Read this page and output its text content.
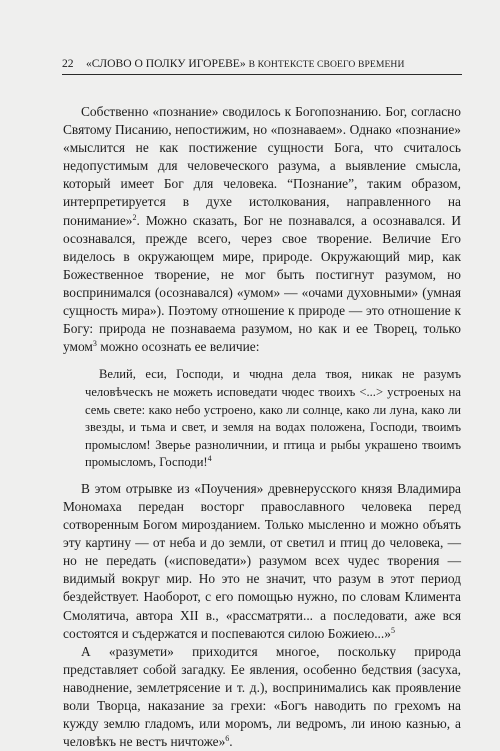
22 «СЛОВО О ПОЛКУ ИГОРЕВЕ» В КОНТЕКСТЕ СВОЕГО ВРЕМЕНИ

Собственно «познание» сводилось к Богопознанию. Бог, согласно Святому Писанию, непостижим, но «познаваем». Однако «познание» «мыслится не как постижение сущности Бога, что считалось недопустимым для человеческого разума, а выявление смысла, который имеет Бог для человека. “Познание”, таким образом, интерпретируется в духе истолкования, направленного на понимание»$^2$. Можно сказать, Бог не познавался, а осознавался. И осознавался, прежде всего, через свое творение. Величие Его виделось в окружающем мире, природе. Окружающий мир, как Божественное творение, не мог быть постигнут разумом, но воспринимался (осознавался) «умом» — «очами духовными» (умная сущность мира»). Поэтому отношение к природе — это отношение к Богу: природа не познаваема разумом, но как и ее Творец, только умом$^3$ можно осознать ее величие:

Велий, еси, Господи, и чюдна дела твоя, никак не разумъ человѣческъ не можеть исповедати чюдес твоихъ <...> устроеных на семь свете: како небо устроено, како ли солнце, како ли луна, како ли звезды, и тьма и свет, и земля на водах положена, Господи, твоимъ промыслом! Зверье разноличнии, и птица и рыбы украшено твоимъ промысломъ, Господи!$^4$

В этом отрывке из «Поучения» древнерусского князя Владимира Мономаха передан восторг православного человека перед сотворенным Богом мирозданием. Только мысленно и можно объять эту картину — от неба и до земли, от светил и птиц до человека, — но не передать («исповедати») разумом всех чудес творения — видимый вокруг мир. Но это не значит, что разум в этот период бездействует. Наоборот, с его помощью нужно, по словам Климента Смолятича, автора XII в., «рассматряти... а последовати, аже вся состоятся и съдержатся и поспеваются силою Божиею...»$^5$

А «разумети» приходится многое, поскольку природа представляет собой загадку. Ее явления, особенно бедствия (засуха, наводнение, землетрясение и т. д.), воспринимались как проявление воли Творца, наказание за грехи: «Богъ наводить по грехомъ на кужду землю гладомъ, или моромъ, ли ведромъ, ли иною казнью, а человѣкъ не вестъ ничтоже»$^6$.
